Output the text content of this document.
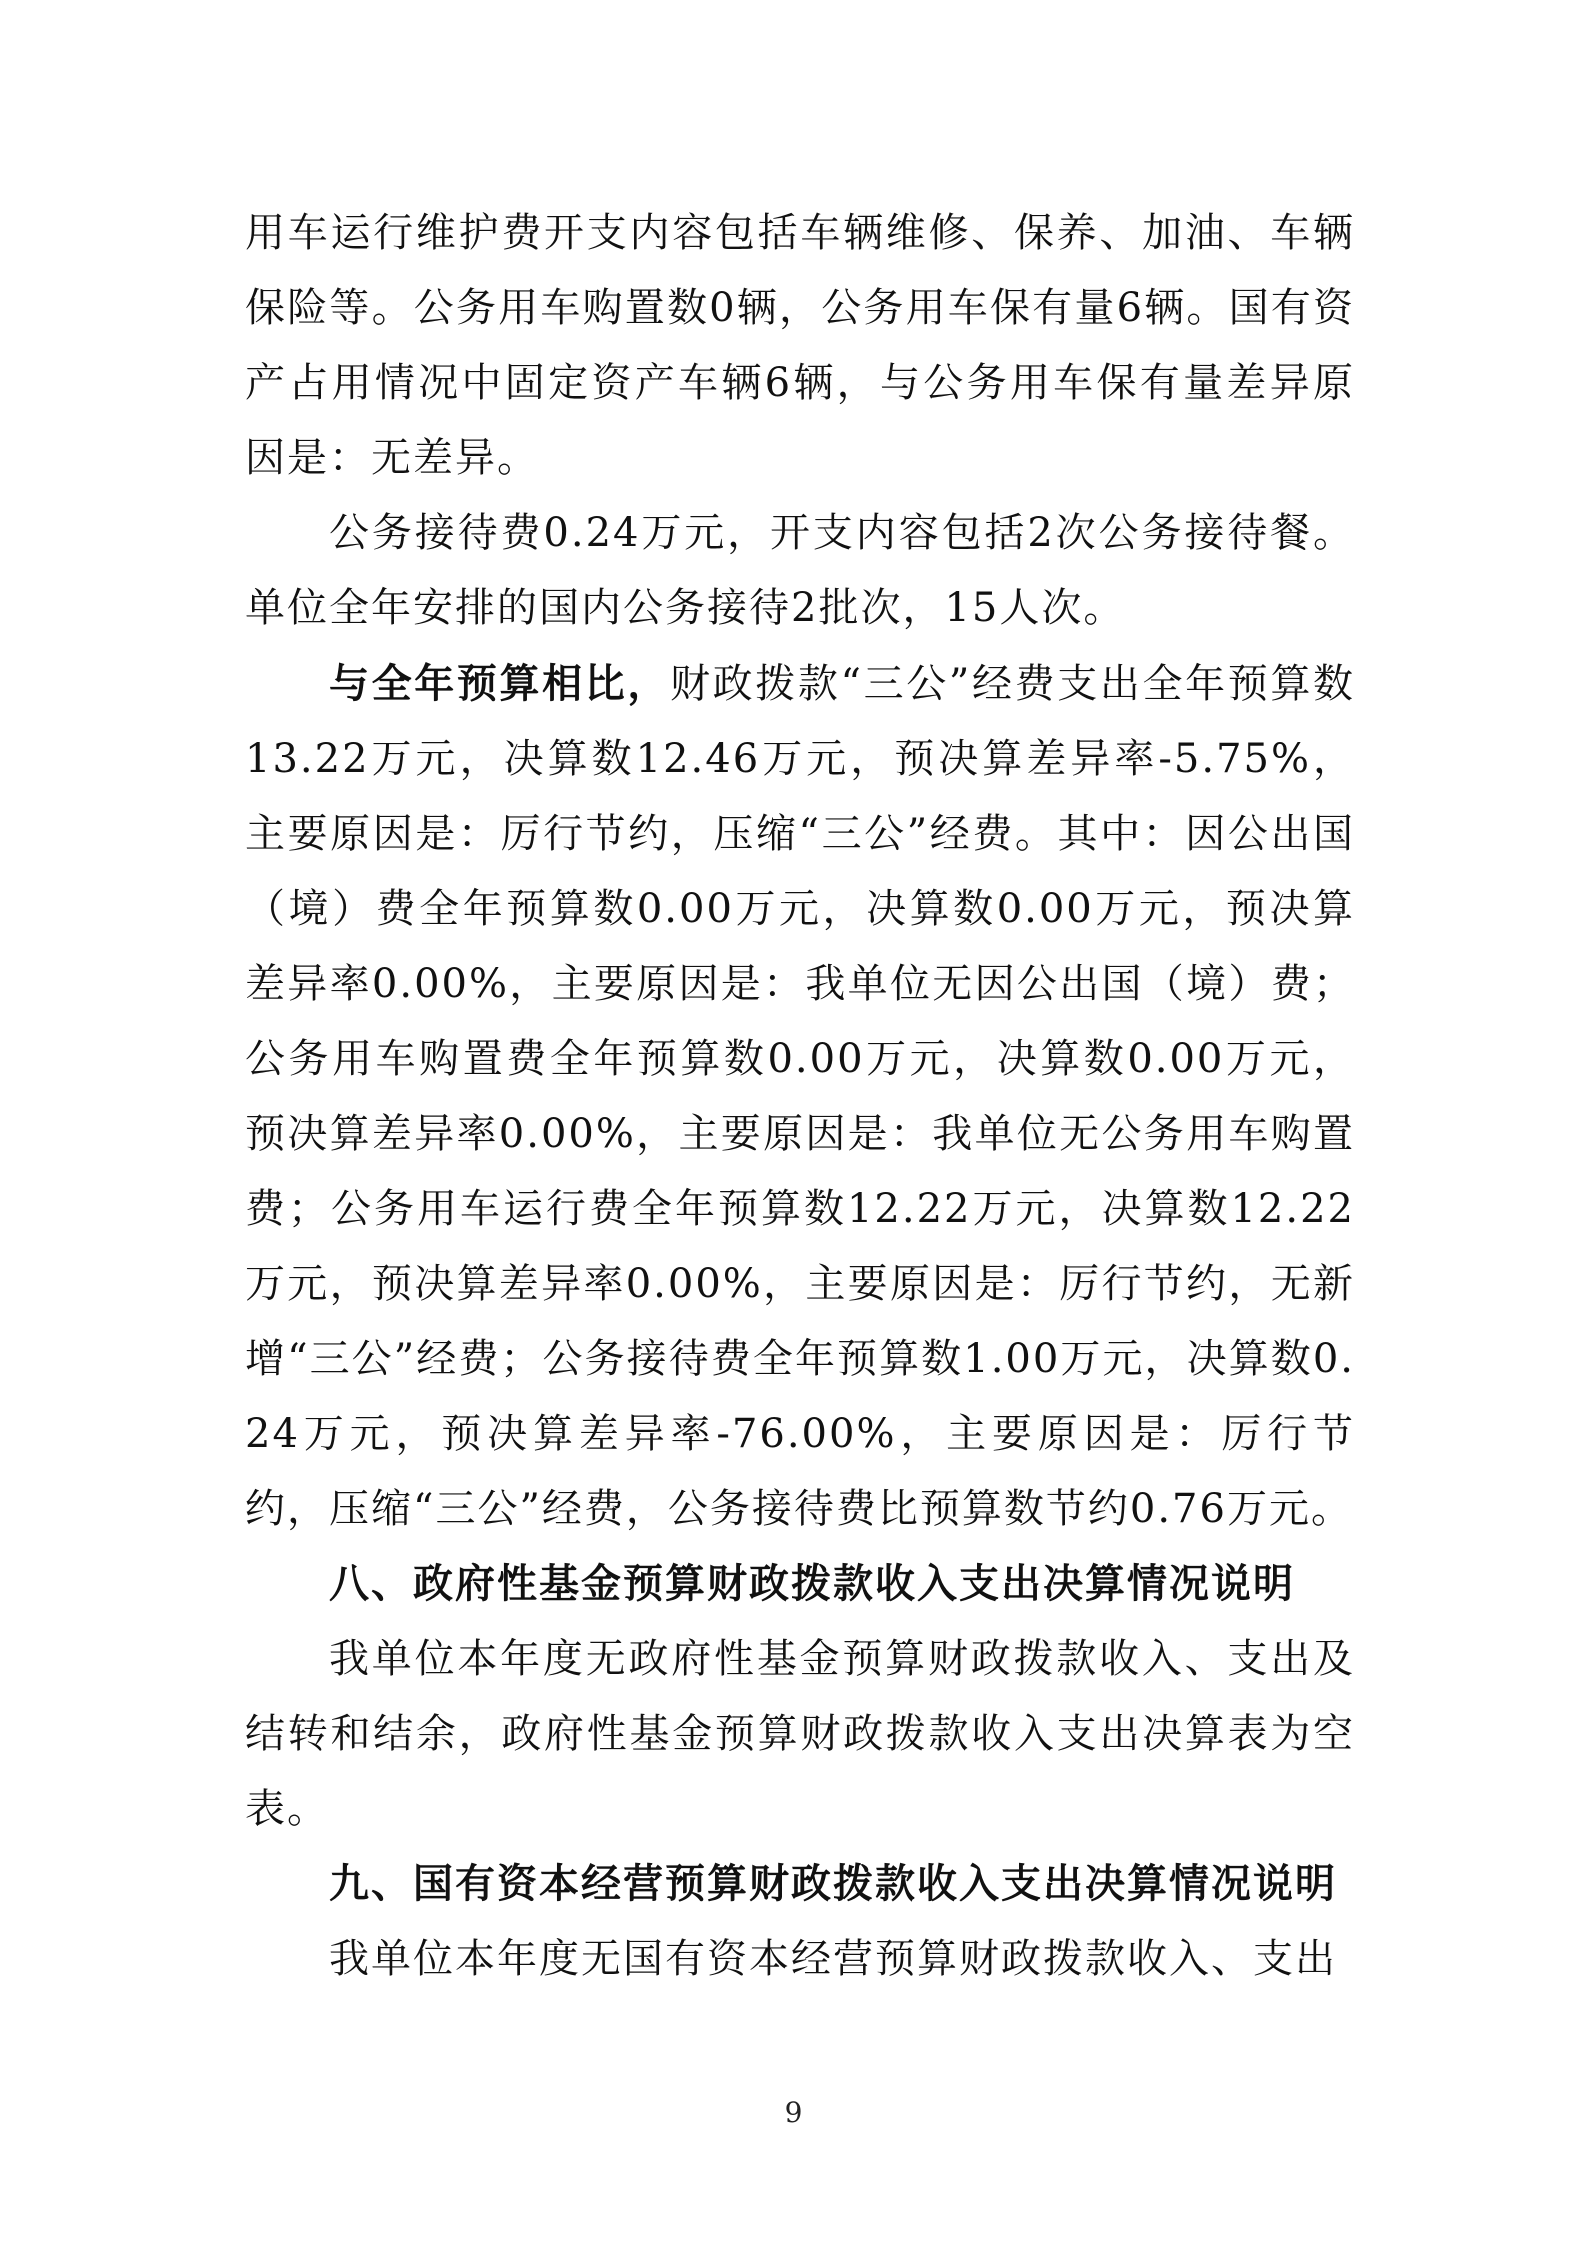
用车运行维护费开支内容包括车辆维修、保养、加油、车辆保险等。公务用车购置数0辆，公务用车保有量6辆。国有资产占用情况中固定资产车辆6辆，与公务用车保有量差异原因是：无差异。

公务接待费0.24万元，开支内容包括2次公务接待餐。单位全年安排的国内公务接待2批次，15人次。

与全年预算相比，财政拨款“三公”经费支出全年预算数13.22万元，决算数12.46万元，预决算差异率-5.75%，主要原因是：厉行节约，压缩“三公”经费。其中：因公出国（境）费全年预算数0.00万元，决算数0.00万元，预决算差异率0.00%，主要原因是：我单位无因公出国（境）费；公务用车购置费全年预算数0.00万元，决算数0.00万元，预决算差异率0.00%，主要原因是：我单位无公务用车购置费；公务用车运行费全年预算数12.22万元，决算数12.22万元，预决算差异率0.00%，主要原因是：厉行节约，无新增“三公”经费；公务接待费全年预算数1.00万元，决算数0.24万元，预决算差异率-76.00%，主要原因是：厉行节约，压缩“三公”经费，公务接待费比预算数节约0.76万元。

八、政府性基金预算财政拨款收入支出决算情况说明

我单位本年度无政府性基金预算财政拨款收入、支出及结转和结余，政府性基金预算财政拨款收入支出决算表为空表。

九、国有资本经营预算财政拨款收入支出决算情况说明

我单位本年度无国有资本经营预算财政拨款收入、支出

9
